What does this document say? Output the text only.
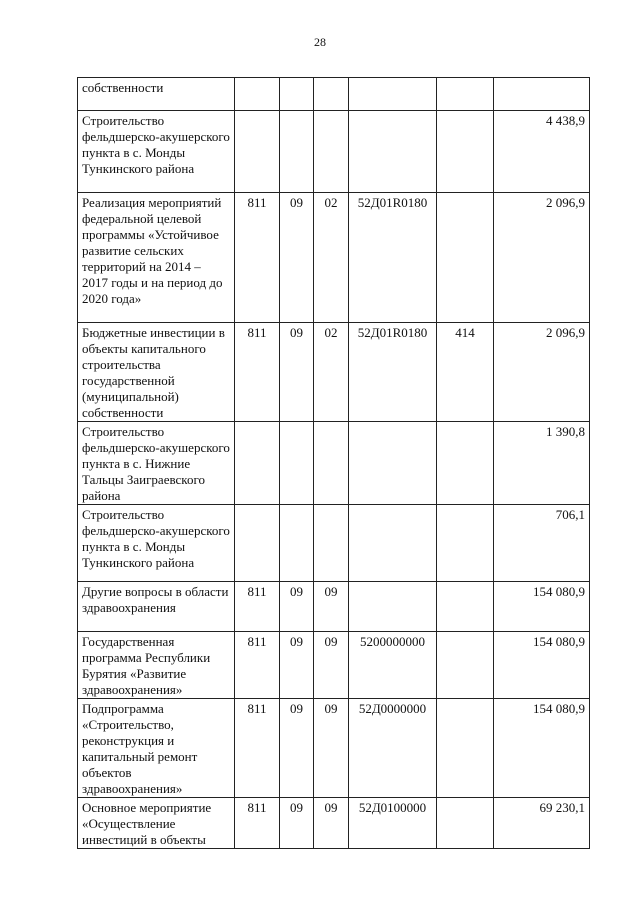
28
собственности						
Строительство фельдшерско-акушерского пункта в с. Монды Тункинского района						4 438,9
Реализация мероприятий федеральной целевой программы «Устойчивое развитие сельских территорий на 2014 – 2017 годы и на период до 2020 года»	811	09	02	52Д01R0180		2 096,9
Бюджетные инвестиции в объекты капитального строительства государственной (муниципальной) собственности	811	09	02	52Д01R0180	414	2 096,9
Строительство фельдшерско-акушерского пункта в с. Нижние Тальцы Заиграевского района						1 390,8
Строительство фельдшерско-акушерского пункта в с. Монды Тункинского района						706,1
Другие вопросы в области здравоохранения	811	09	09			154 080,9
Государственная программа Республики Бурятия «Развитие здравоохранения»	811	09	09	5200000000		154 080,9
Подпрограмма «Строительство, реконструкция и капитальный ремонт объектов здравоохранения»	811	09	09	52Д0000000		154 080,9
Основное мероприятие «Осуществление инвестиций в объекты	811	09	09	52Д0100000		69 230,1
